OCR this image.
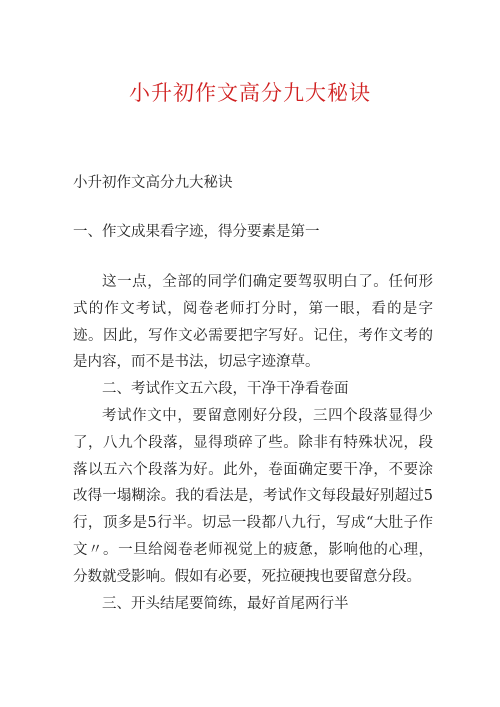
小升初作文高分九大秘诀
小升初作文高分九大秘诀
一、作文成果看字迹，得分要素是第一

这一点，全部的同学们确定要驾驭明白了。任何形式的作文考试，阅卷老师打分时，第一眼，看的是字迹。因此，写作文必需要把字写好。记住，考作文考的是内容，而不是书法，切忌字迹潦草。

二、考试作文五六段，干净干净看卷面

考试作文中，要留意刚好分段，三四个段落显得少了，八九个段落，显得琐碎了些。除非有特殊状况，段落以五六个段落为好。此外，卷面确定要干净，不要涂改得一塌糊涂。我的看法是，考试作文每段最好别超过5行，顶多是5行半。切忌一段都八九行，写成“大肚子作文〃。一旦给阅卷老师视觉上的疲惫，影响他的心理，分数就受影响。假如有必要，死拉硬拽也要留意分段。

三、开头结尾要简练，最好首尾两行半
